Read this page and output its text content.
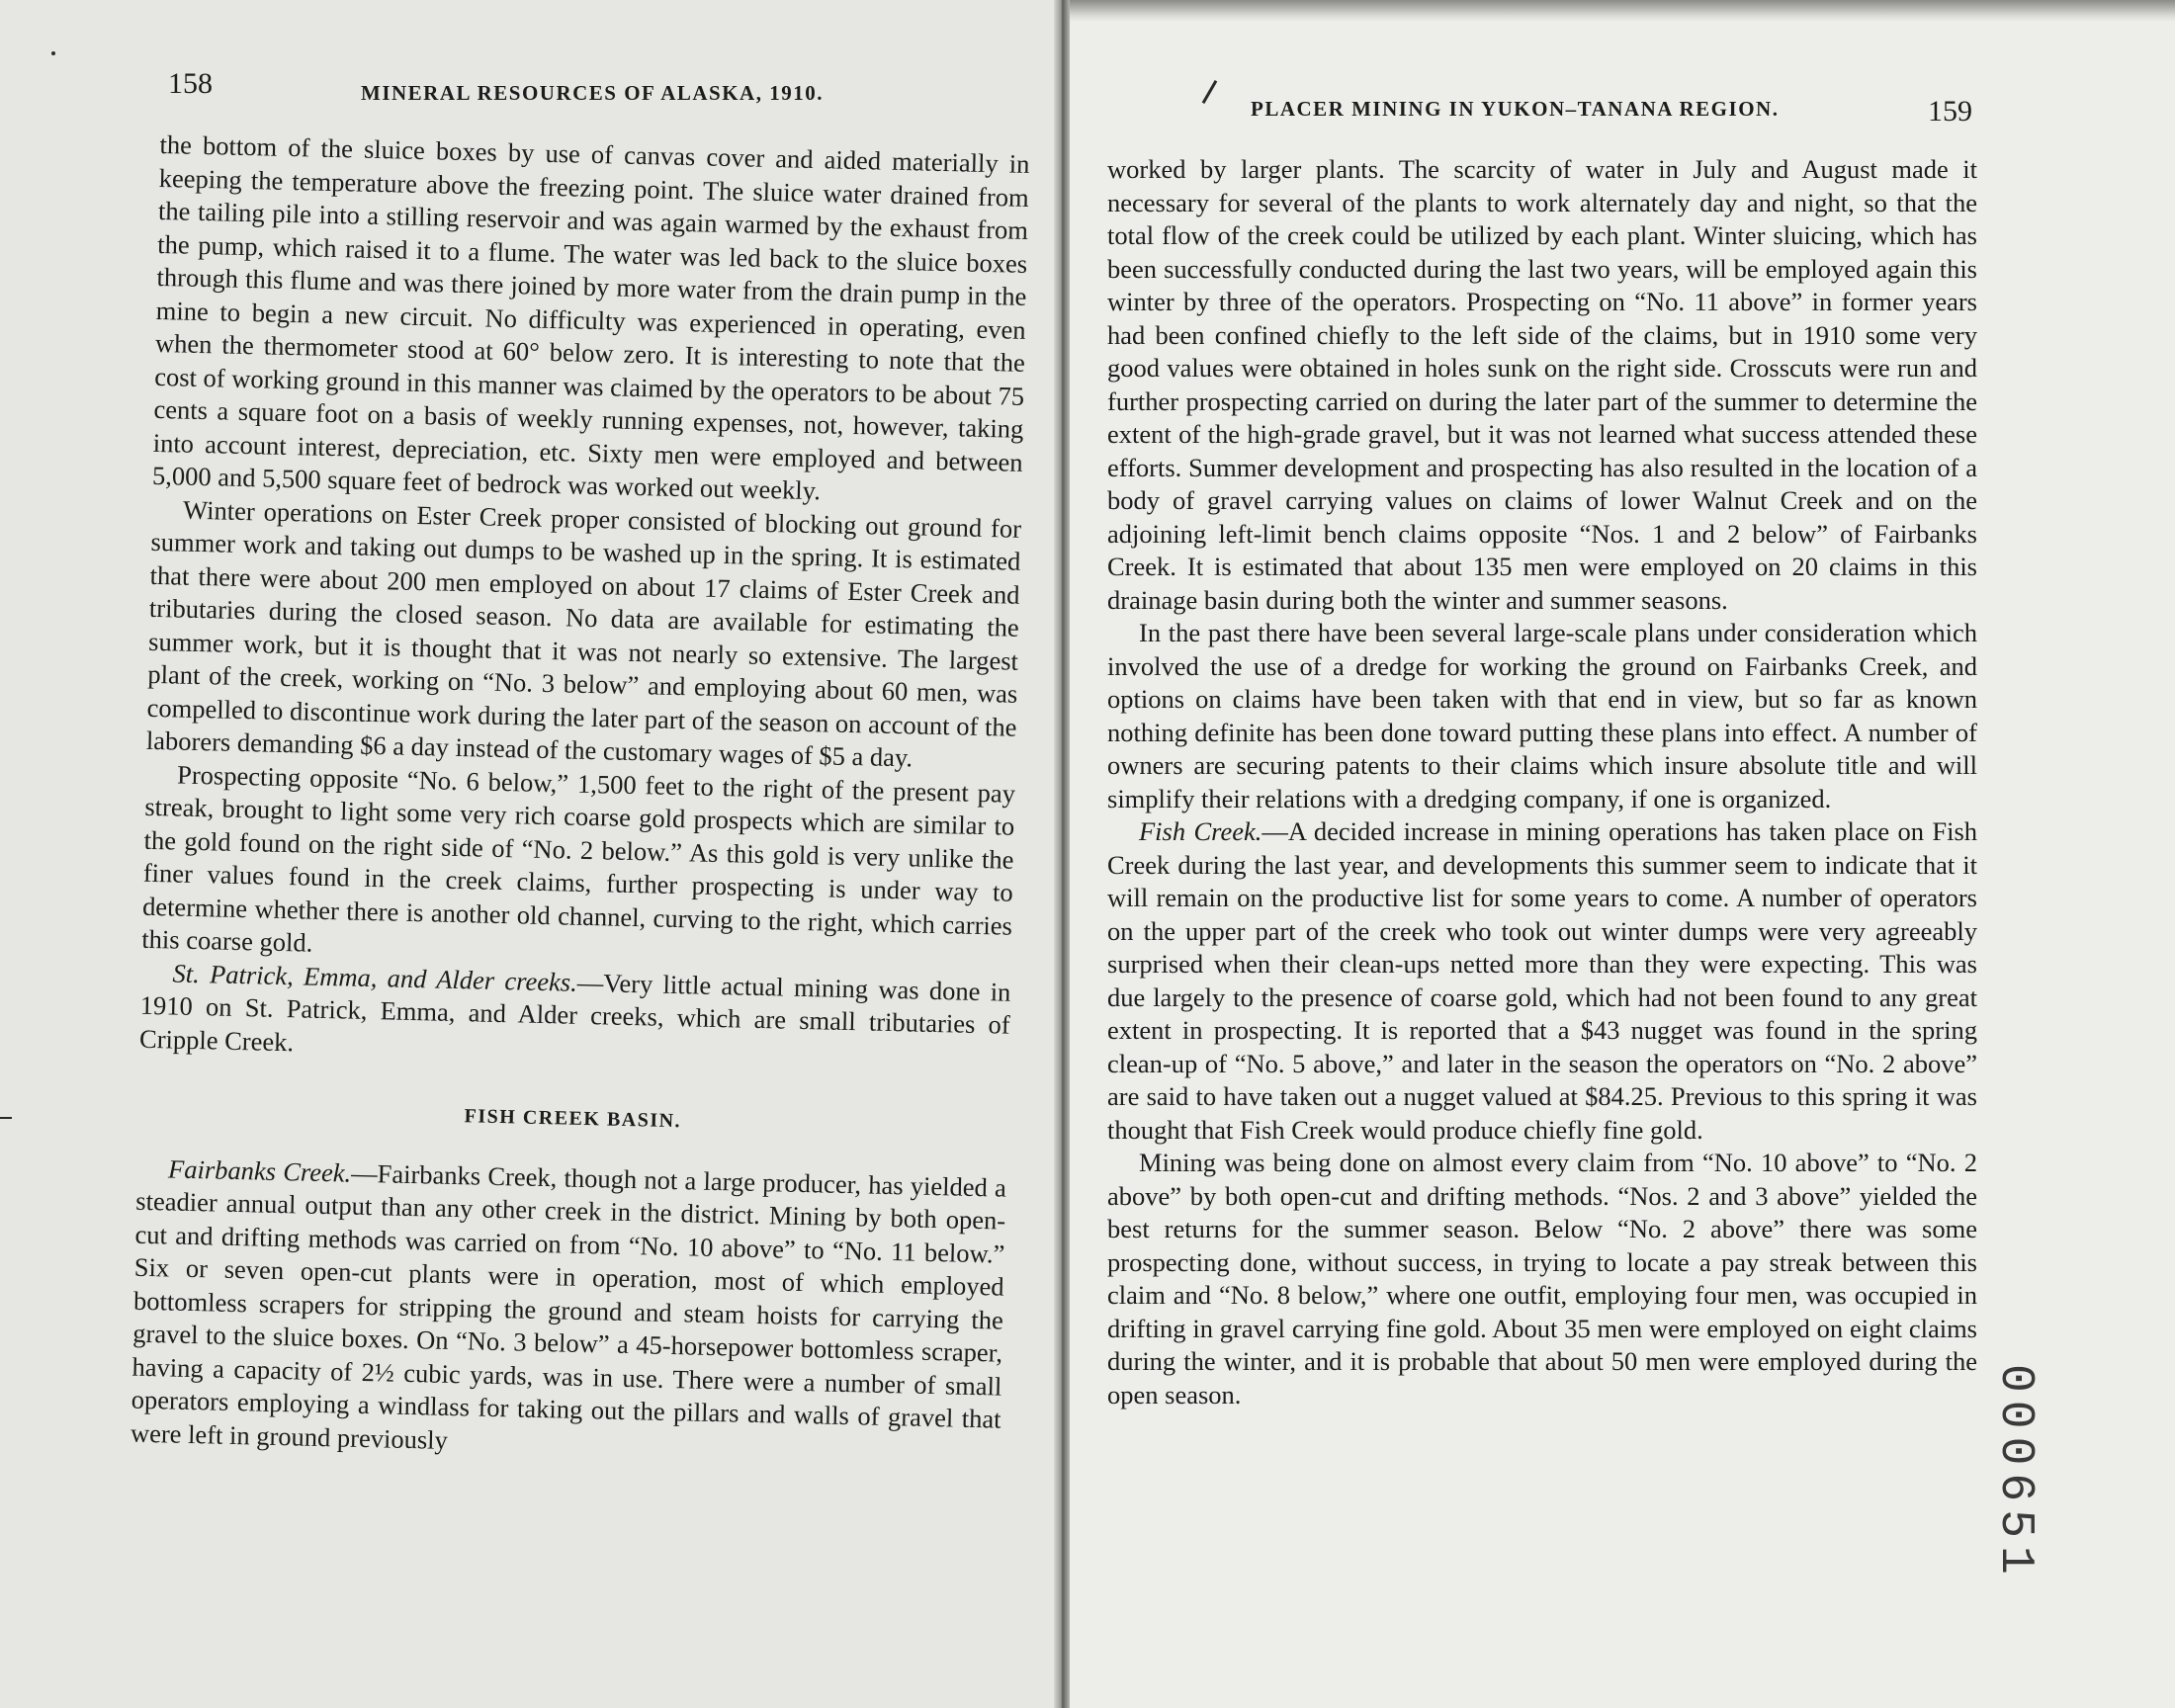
158	MINERAL RESOURCES OF ALASKA, 1910.

the bottom of the sluice boxes by use of canvas cover and aided materially in keeping the temperature above the freezing point. The sluice water drained from the tailing pile into a stilling reservoir and was again warmed by the exhaust from the pump, which raised it to a flume. The water was led back to the sluice boxes through this flume and was there joined by more water from the drain pump in the mine to begin a new circuit. No difficulty was experienced in operating, even when the thermometer stood at 60° below zero. It is interesting to note that the cost of working ground in this manner was claimed by the operators to be about 75 cents a square foot on a basis of weekly running expenses, not, however, taking into account interest, depreciation, etc. Sixty men were employed and between 5,000 and 5,500 square feet of bedrock was worked out weekly.

Winter operations on Ester Creek proper consisted of blocking out ground for summer work and taking out dumps to be washed up in the spring. It is estimated that there were about 200 men employed on about 17 claims of Ester Creek and tributaries during the closed season. No data are available for estimating the summer work, but it is thought that it was not nearly so extensive. The largest plant of the creek, working on “No. 3 below” and employing about 60 men, was compelled to discontinue work during the later part of the season on account of the laborers demanding $6 a day instead of the customary wages of $5 a day.

Prospecting opposite “No. 6 below,” 1,500 feet to the right of the present pay streak, brought to light some very rich coarse gold prospects which are similar to the gold found on the right side of “No. 2 below.” As this gold is very unlike the finer values found in the creek claims, further prospecting is under way to determine whether there is another old channel, curving to the right, which carries this coarse gold.

St. Patrick, Emma, and Alder creeks.—Very little actual mining was done in 1910 on St. Patrick, Emma, and Alder creeks, which are small tributaries of Cripple Creek.

FISH CREEK BASIN.

Fairbanks Creek.—Fairbanks Creek, though not a large producer, has yielded a steadier annual output than any other creek in the district. Mining by both open-cut and drifting methods was carried on from “No. 10 above” to “No. 11 below.” Six or seven open-cut plants were in operation, most of which employed bottomless scrapers for stripping the ground and steam hoists for carrying the gravel to the sluice boxes. On “No. 3 below” a 45-horsepower bottomless scraper, having a capacity of 2½ cubic yards, was in use. There were a number of small operators employing a windlass for taking out the pillars and walls of gravel that were left in ground previously

PLACER MINING IN YUKON–TANANA REGION.	159

worked by larger plants. The scarcity of water in July and August made it necessary for several of the plants to work alternately day and night, so that the total flow of the creek could be utilized by each plant. Winter sluicing, which has been successfully conducted during the last two years, will be employed again this winter by three of the operators. Prospecting on “No. 11 above” in former years had been confined chiefly to the left side of the claims, but in 1910 some very good values were obtained in holes sunk on the right side. Crosscuts were run and further prospecting carried on during the later part of the summer to determine the extent of the high-grade gravel, but it was not learned what success attended these efforts. Summer development and prospecting has also resulted in the location of a body of gravel carrying values on claims of lower Walnut Creek and on the adjoining left-limit bench claims opposite “Nos. 1 and 2 below” of Fairbanks Creek. It is estimated that about 135 men were employed on 20 claims in this drainage basin during both the winter and summer seasons.

In the past there have been several large-scale plans under consideration which involved the use of a dredge for working the ground on Fairbanks Creek, and options on claims have been taken with that end in view, but so far as known nothing definite has been done toward putting these plans into effect. A number of owners are securing patents to their claims which insure absolute title and will simplify their relations with a dredging company, if one is organized.

Fish Creek.—A decided increase in mining operations has taken place on Fish Creek during the last year, and developments this summer seem to indicate that it will remain on the productive list for some years to come. A number of operators on the upper part of the creek who took out winter dumps were very agreeably surprised when their clean-ups netted more than they were expecting. This was due largely to the presence of coarse gold, which had not been found to any great extent in prospecting. It is reported that a $43 nugget was found in the spring clean-up of “No. 5 above,” and later in the season the operators on “No. 2 above” are said to have taken out a nugget valued at $84.25. Previous to this spring it was thought that Fish Creek would produce chiefly fine gold.

Mining was being done on almost every claim from “No. 10 above” to “No. 2 above” by both open-cut and drifting methods. “Nos. 2 and 3 above” yielded the best returns for the summer season. Below “No. 2 above” there was some prospecting done, without success, in trying to locate a pay streak between this claim and “No. 8 below,” where one outfit, employing four men, was occupied in drifting in gravel carrying fine gold. About 35 men were employed on eight claims during the winter, and it is probable that about 50 men were employed during the open season.	000651
